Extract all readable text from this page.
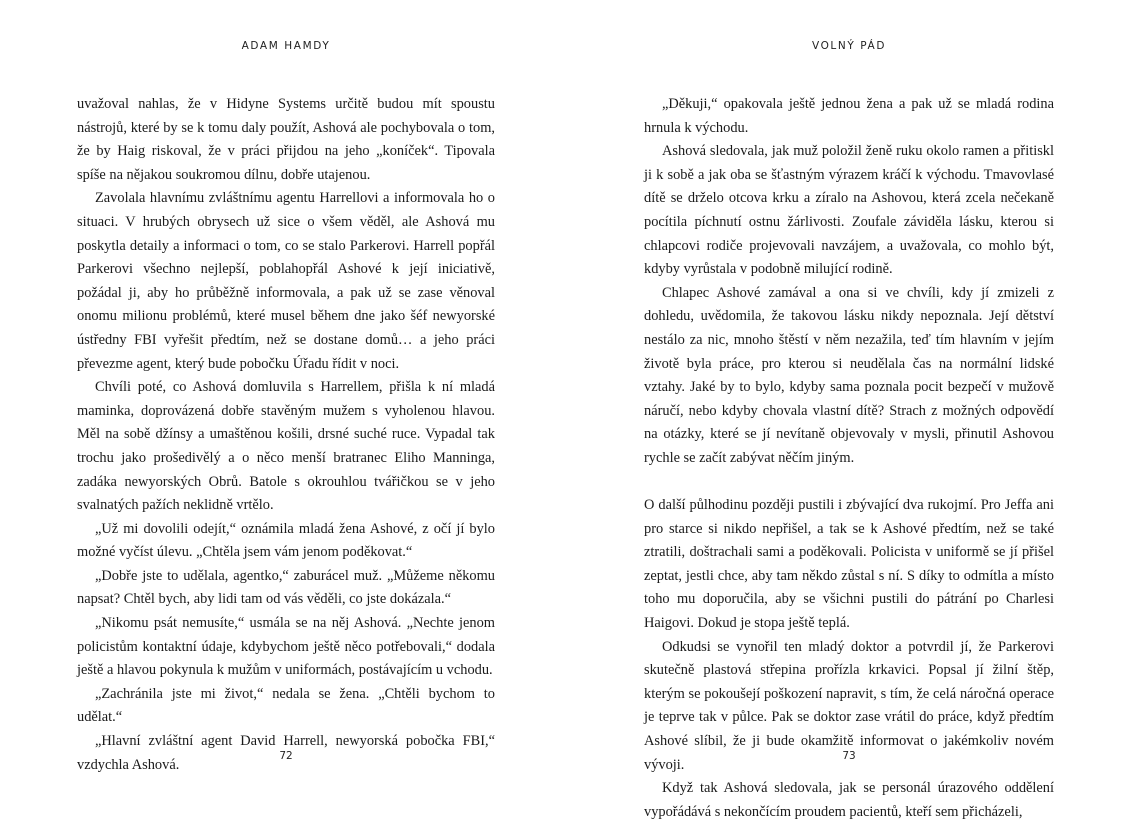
ADAM HAMDY

uvažoval nahlas, že v Hidyne Systems určitě budou mít spoustu nástrojů, které by se k tomu daly použít, Ashová ale pochybovala o tom, že by Haig riskoval, že v práci přijdou na jeho „koníček“. Tipovala spíše na nějakou soukromou dílnu, dobře utajenou.

Zavolala hlavnímu zvláštnímu agentu Harrellovi a informovala ho o situaci. V hrubých obrysech už sice o všem věděl, ale Ashová mu poskytla detaily a informaci o tom, co se stalo Parkerovi. Harrell popřál Parkerovi všechno nejlepší, poblahopřál Ashové k její iniciativě, požádal ji, aby ho průběžně informovala, a pak už se zase věnoval onomu milionu problémů, které musel během dne jako šéf newyorské ústředny FBI vyřešit předtím, než se dostane domů… a jeho práci převezme agent, který bude pobočku Úřadu řídit v noci.

Chvíli poté, co Ashová domluvila s Harrellem, přišla k ní mladá maminka, doprovázená dobře stavěným mužem s vyholenou hlavou. Měl na sobě džínsy a umaštěnou košili, drsné suché ruce. Vypadal tak trochu jako prošedivělý a o něco menší bratranec Eliho Manninga, zadáka newyorských Obrů. Batole s okrouhlou tvářičkou se v jeho svalnatých pažích neklidně vrtělo.

„Už mi dovolili odejít,“ oznámila mladá žena Ashové, z očí jí bylo možné vyčíst úlevu. „Chtěla jsem vám jenom poděkovat.“

„Dobře jste to udělala, agentko,“ zaburácel muž. „Můžeme někomu napsat? Chtěl bych, aby lidi tam od vás věděli, co jste dokázala.“

„Nikomu psát nemusíte,“ usmála se na něj Ashová. „Nechte jenom policistům kontaktní údaje, kdybychom ještě něco potřebovali,“ dodala ještě a hlavou pokynula k mužům v uniformách, postávajícím u vchodu.

„Zachránila jste mi život,“ nedala se žena. „Chtěli bychom to udělat.“

„Hlavní zvláštní agent David Harrell, newyorská pobočka FBI,“ vzdychla Ashová.

72
VOLNÝ PÁD

„Děkuji,“ opakovala ještě jednou žena a pak už se mladá rodina hrnula k východu.

Ashová sledovala, jak muž položil ženě ruku okolo ramen a přitiskl ji k sobě a jak oba se šťastným výrazem kráčí k východu. Tmavovlasé dítě se drželo otcova krku a zíralo na Ashovou, která zcela nečekaně pocítila píchnutí ostnu žárlivosti. Zoufale záviděla lásku, kterou si chlapcovi rodiče projevovali navzájem, a uvažovala, co mohlo být, kdyby vyrůstala v podobně milující rodině.

Chlapec Ashové zamával a ona si ve chvíli, kdy jí zmizeli z dohledu, uvědomila, že takovou lásku nikdy nepoznala. Její dětství nestálo za nic, mnoho štěstí v něm nezažila, teď tím hlavním v jejím životě byla práce, pro kterou si neudělala čas na normální lidské vztahy. Jaké by to bylo, kdyby sama poznala pocit bezpečí v mužově náručí, nebo kdyby chovala vlastní dítě? Strach z možných odpovědí na otázky, které se jí nevítaně objevovaly v mysli, přinutil Ashovou rychle se začít zabývat něčím jiným.

O další půlhodinu později pustili i zbývající dva rukojmí. Pro Jeffa ani pro starce si nikdo nepřišel, a tak se k Ashové předtím, než se také ztratili, doštrachali sami a poděkovali. Policista v uniformě se jí přišel zeptat, jestli chce, aby tam někdo zůstal s ní. S díky to odmítla a místo toho mu doporučila, aby se všichni pustili do pátrání po Charlesi Haigovi. Dokud je stopa ještě teplá.

Odkudsi se vynořil ten mladý doktor a potvrdil jí, že Parkerovi skutečně plastová střepina prořízla krkavici. Popsal jí žilní štěp, kterým se pokoušejí poškození napravit, s tím, že celá náročná operace je teprve tak v půlce. Pak se doktor zase vrátil do práce, když předtím Ashové slíbil, že ji bude okamžitě informovat o jakémkoliv novém vývoji.

Když tak Ashová sledovala, jak se personál úrazového oddělení vypořádává s nekončícím proudem pacientů, kteří sem přicházeli,

73
